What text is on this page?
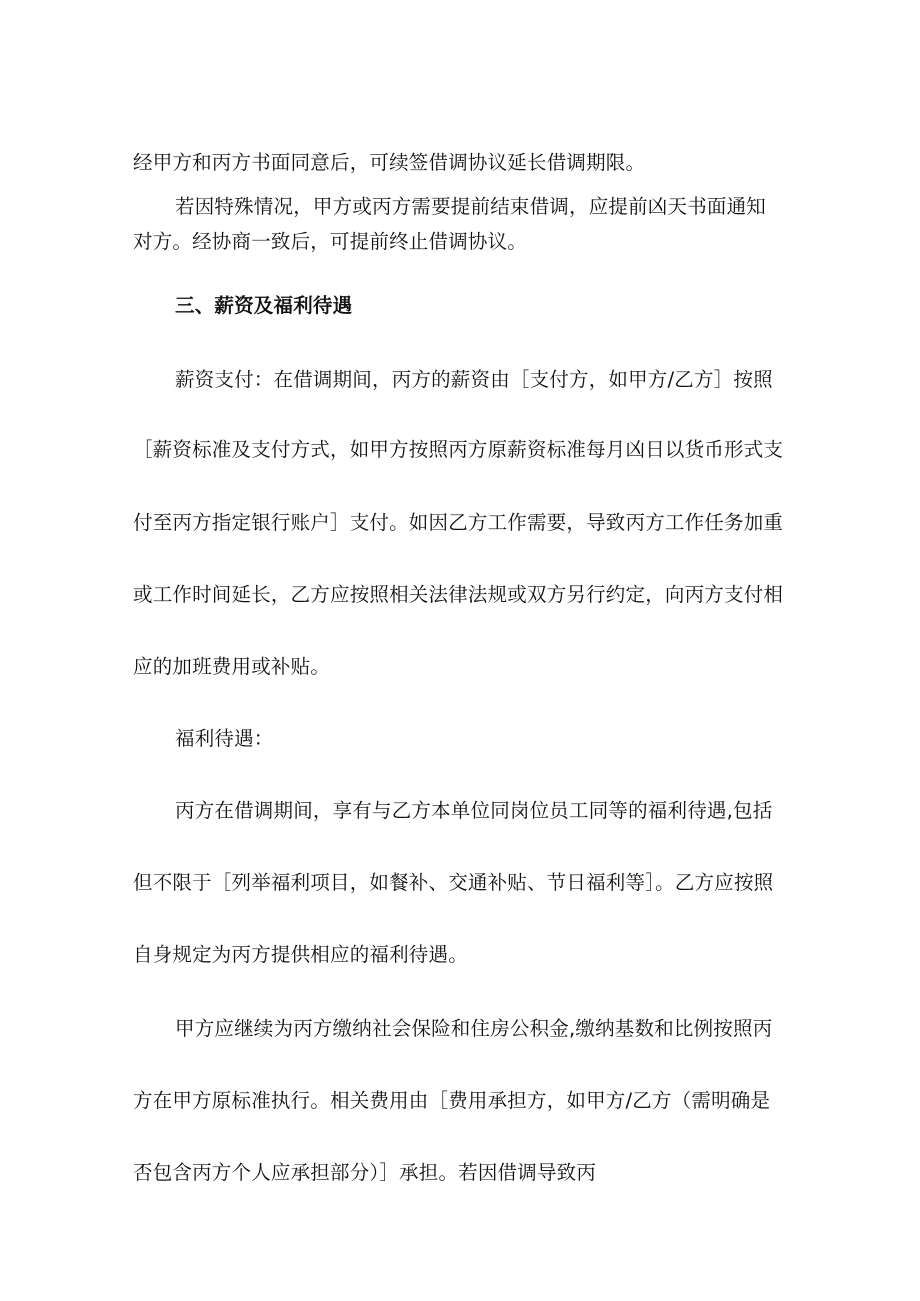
经甲方和丙方书面同意后，可续签借调协议延长借调期限。
若因特殊情况，甲方或丙方需要提前结束借调，应提前凶天书面通知
对方。经协商一致后，可提前终止借调协议。
三、薪资及福利待遇
薪资支付：在借调期间，丙方的薪资由［支付方，如甲方/乙方］按照
［薪资标准及支付方式，如甲方按照丙方原薪资标准每月凶日以货币形式支
付至丙方指定银行账户］支付。如因乙方工作需要，导致丙方工作任务加重
或工作时间延长，乙方应按照相关法律法规或双方另行约定，向丙方支付相
应的加班费用或补贴。
福利待遇：
丙方在借调期间，享有与乙方本单位同岗位员工同等的福利待遇,包括
但不限于［列举福利项目，如餐补、交通补贴、节日福利等］。乙方应按照
自身规定为丙方提供相应的福利待遇。
甲方应继续为丙方缴纳社会保险和住房公积金,缴纳基数和比例按照丙
方在甲方原标准执行。相关费用由［费用承担方，如甲方/乙方（需明确是
否包含丙方个人应承担部分）］承担。若因借调导致丙
